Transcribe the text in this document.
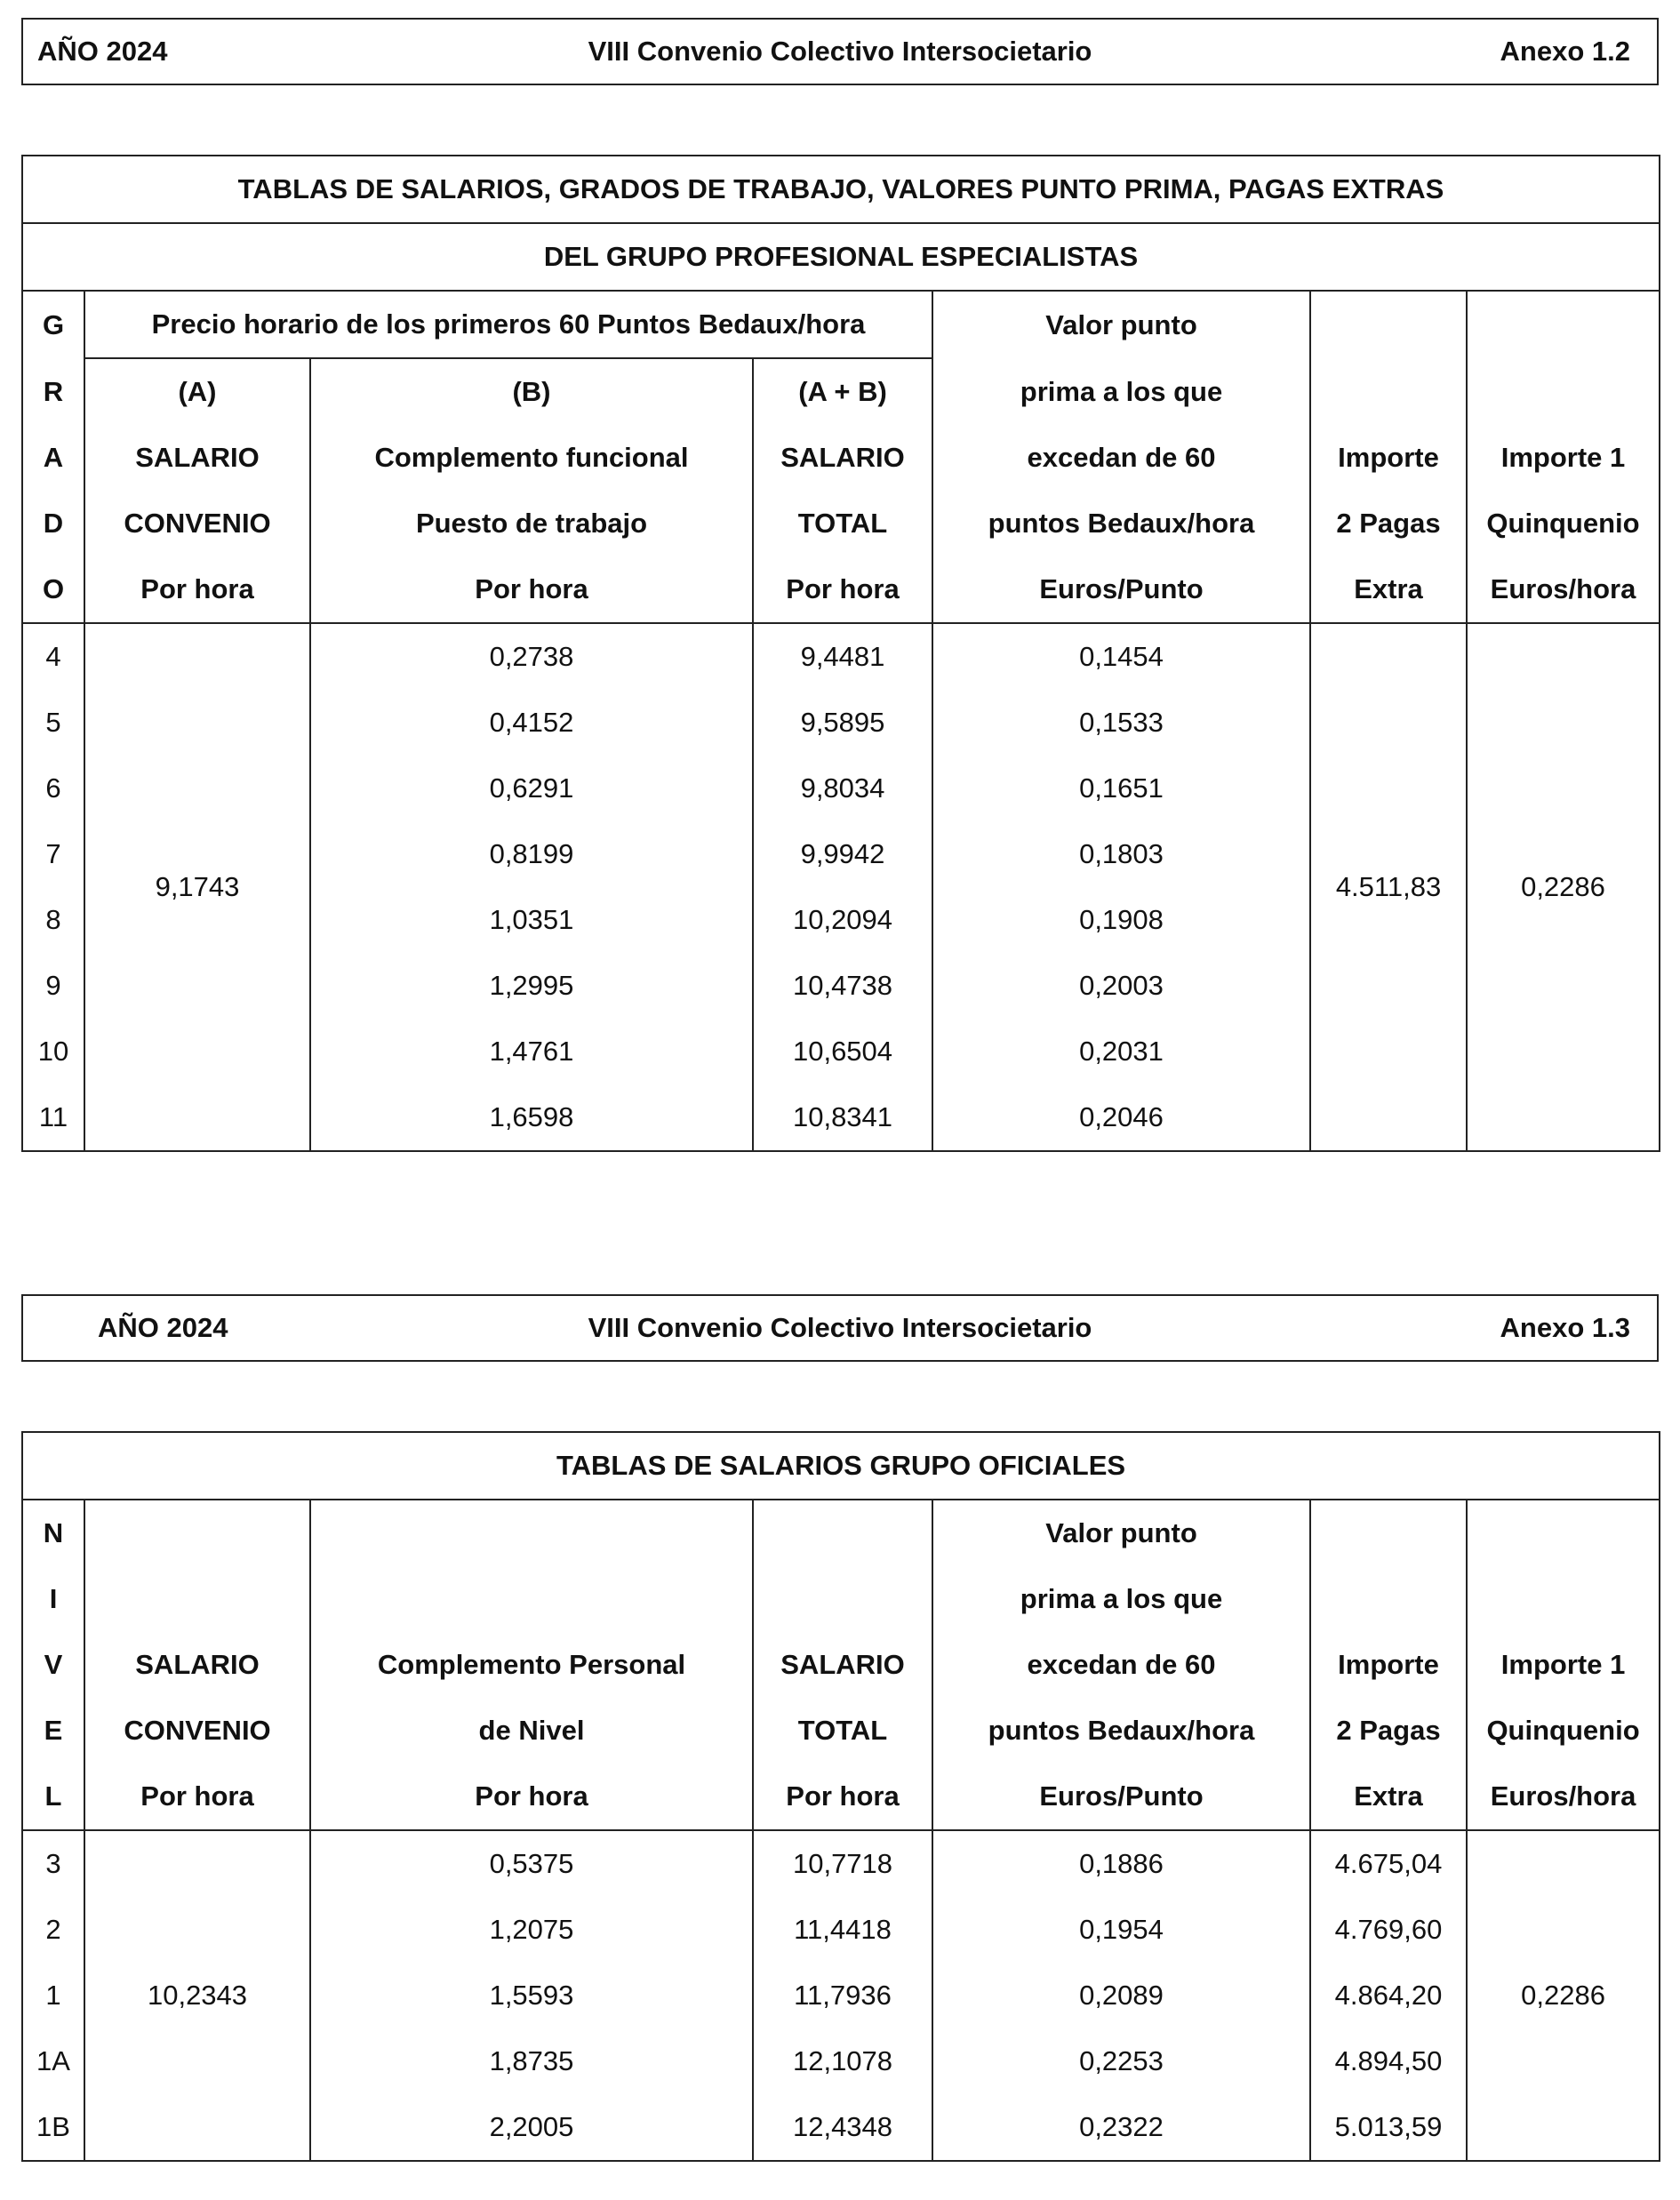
AÑO 2024	VIII Convenio Colectivo Intersocietario	Anexo 1.2
TABLAS DE SALARIOS, GRADOS DE TRABAJO, VALORES PUNTO PRIMA, PAGAS EXTRAS						
DEL GRUPO PROFESIONAL ESPECIALISTAS						
G	Precio horario de los primeros 60 Puntos Bedaux/hora			Valor punto		
R	(A)	(B)	(A + B)	prima a los que		
A	SALARIO	Complemento funcional	SALARIO	excedan de 60	Importe	Importe 1
D	CONVENIO	Puesto de trabajo	TOTAL	puntos Bedaux/hora	2 Pagas	Quinquenio
O	Por hora	Por hora	Por hora	Euros/Punto	Extra	Euros/hora
4	9,1743	0,2738	9,4481	0,1454	4.511,83	0,2286
5		0,4152	9,5895	0,1533		
6		0,6291	9,8034	0,1651		
7		0,8199	9,9942	0,1803		
8		1,0351	10,2094	0,1908		
9		1,2995	10,4738	0,2003		
10		1,4761	10,6504	0,2031		
11		1,6598	10,8341	0,2046		
AÑO 2024	VIII Convenio Colectivo Intersocietario	Anexo 1.3
TABLAS DE SALARIOS GRUPO OFICIALES						
N				Valor punto		
I				prima a los que		
V	SALARIO	Complemento Personal	SALARIO	excedan de 60	Importe	Importe 1
E	CONVENIO	de Nivel	TOTAL	puntos Bedaux/hora	2 Pagas	Quinquenio
L	Por hora	Por hora	Por hora	Euros/Punto	Extra	Euros/hora
3	10,2343	0,5375	10,7718	0,1886	4.675,04	0,2286
2		1,2075	11,4418	0,1954	4.769,60	
1		1,5593	11,7936	0,2089	4.864,20	
1A		1,8735	12,1078	0,2253	4.894,50	
1B		2,2005	12,4348	0,2322	5.013,59	
